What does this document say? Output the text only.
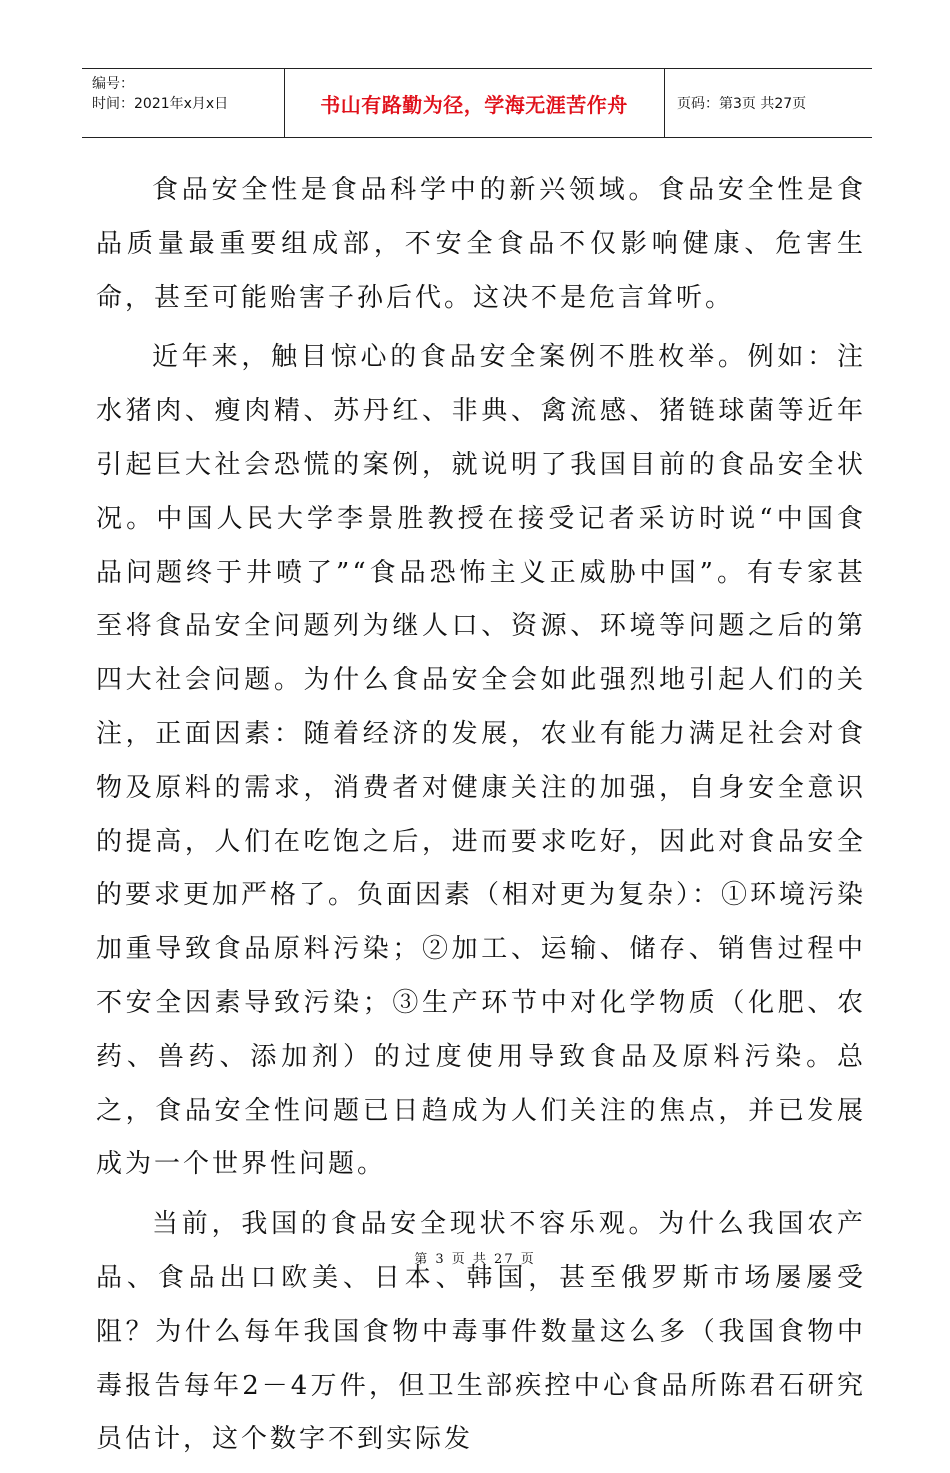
编号：
时间：2021年x月x日	书山有路勤为径，学海无涯苦作舟	页码：第3页 共27页

食品安全性是食品科学中的新兴领域。食品安全性是食品质量最重要组成部，不安全食品不仅影响健康、危害生命，甚至可能贻害子孙后代。这决不是危言耸听。

近年来，触目惊心的食品安全案例不胜枚举。例如：注水猪肉、瘦肉精、苏丹红、非典、禽流感、猪链球菌等近年引起巨大社会恐慌的案例，就说明了我国目前的食品安全状况。中国人民大学李景胜教授在接受记者采访时说“中国食品问题终于井喷了”“食品恐怖主义正威胁中国”。有专家甚至将食品安全问题列为继人口、资源、环境等问题之后的第四大社会问题。为什么食品安全会如此强烈地引起人们的关注，正面因素：随着经济的发展，农业有能力满足社会对食物及原料的需求，消费者对健康关注的加强，自身安全意识的提高，人们在吃饱之后，进而要求吃好，因此对食品安全的要求更加严格了。负面因素（相对更为复杂）：①环境污染加重导致食品原料污染；②加工、运输、储存、销售过程中不安全因素导致污染；③生产环节中对化学物质（化肥、农药、兽药、添加剂）的过度使用导致食品及原料污染。总之，食品安全性问题已日趋成为人们关注的焦点，并已发展成为一个世界性问题。

当前，我国的食品安全现状不容乐观。为什么我国农产品、食品出口欧美、日本、韩国，甚至俄罗斯市场屡屡受阻？为什么每年我国食物中毒事件数量这么多（我国食物中毒报告每年2－4万件，但卫生部疾控中心食品所陈君石研究员估计，这个数字不到实际发

第 3 页 共 27 页
